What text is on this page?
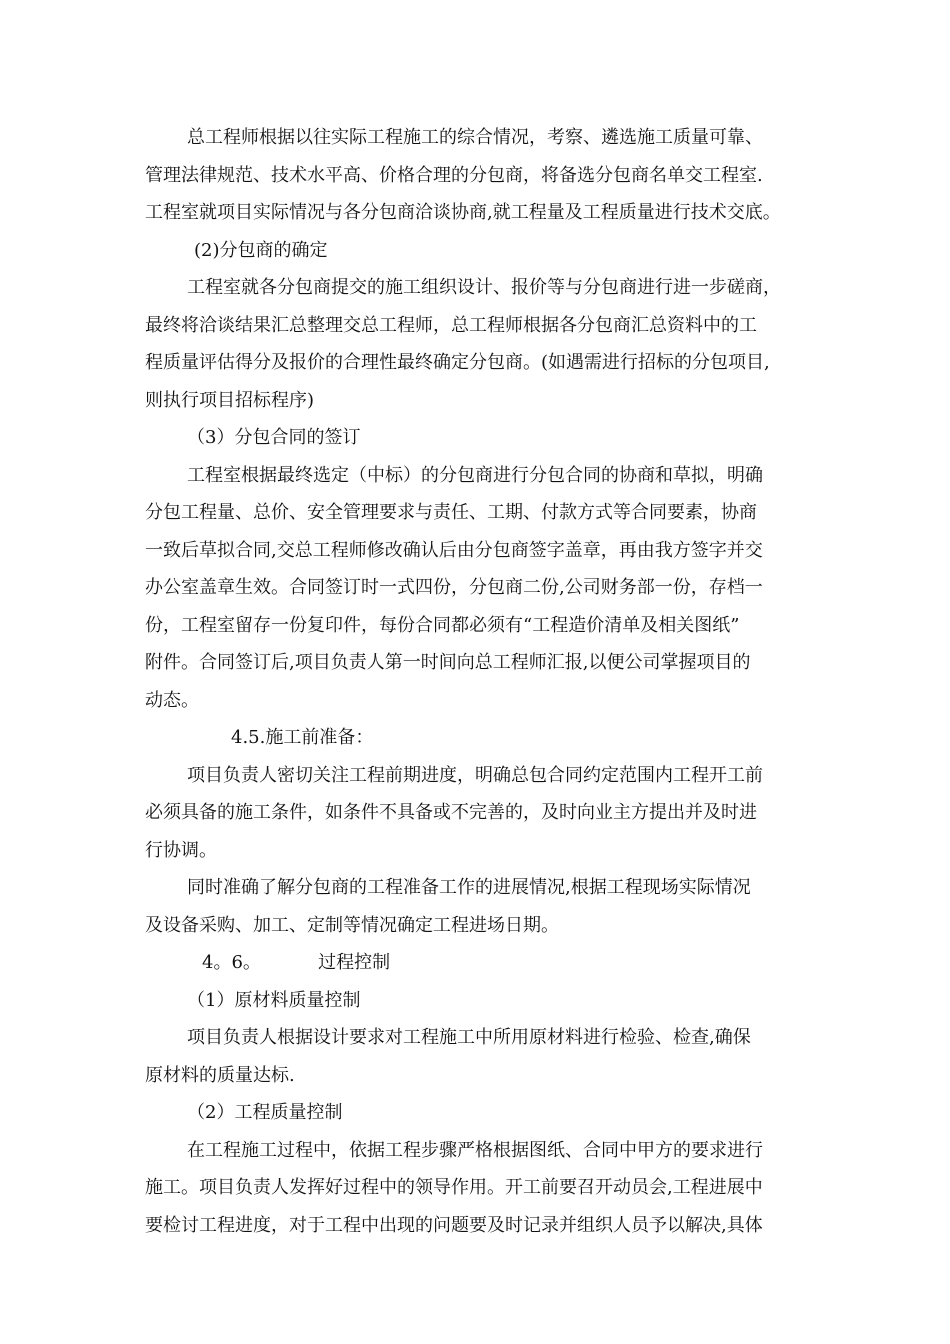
总工程师根据以往实际工程施工的综合情况，考察、遴选施工质量可靠、
管理法律规范、技术水平高、价格合理的分包商，将备选分包商名单交工程室.
工程室就项目实际情况与各分包商洽谈协商,就工程量及工程质量进行技术交底。
(2)分包商的确定
工程室就各分包商提交的施工组织设计、报价等与分包商进行进一步磋商，
最终将洽谈结果汇总整理交总工程师，总工程师根据各分包商汇总资料中的工
程质量评估得分及报价的合理性最终确定分包商。(如遇需进行招标的分包项目,
则执行项目招标程序)
（3）分包合同的签订
工程室根据最终选定（中标）的分包商进行分包合同的协商和草拟，明确
分包工程量、总价、安全管理要求与责任、工期、付款方式等合同要素，协商
一致后草拟合同,交总工程师修改确认后由分包商签字盖章，再由我方签字并交
办公室盖章生效。合同签订时一式四份，分包商二份,公司财务部一份，存档一
份，工程室留存一份复印件，每份合同都必须有“工程造价清单及相关图纸”
附件。合同签订后,项目负责人第一时间向总工程师汇报,以便公司掌握项目的
动态。
4.5.施工前准备：
项目负责人密切关注工程前期进度，明确总包合同约定范围内工程开工前
必须具备的施工条件，如条件不具备或不完善的，及时向业主方提出并及时进
行协调。
同时准确了解分包商的工程准备工作的进展情况,根据工程现场实际情况
及设备采购、加工、定制等情况确定工程进场日期。
4。6。          过程控制
（1）原材料质量控制
项目负责人根据设计要求对工程施工中所用原材料进行检验、检查,确保
原材料的质量达标.
（2）工程质量控制
在工程施工过程中，依据工程步骤严格根据图纸、合同中甲方的要求进行
施工。项目负责人发挥好过程中的领导作用。开工前要召开动员会,工程进展中
要检讨工程进度，对于工程中出现的问题要及时记录并组织人员予以解决,具体
